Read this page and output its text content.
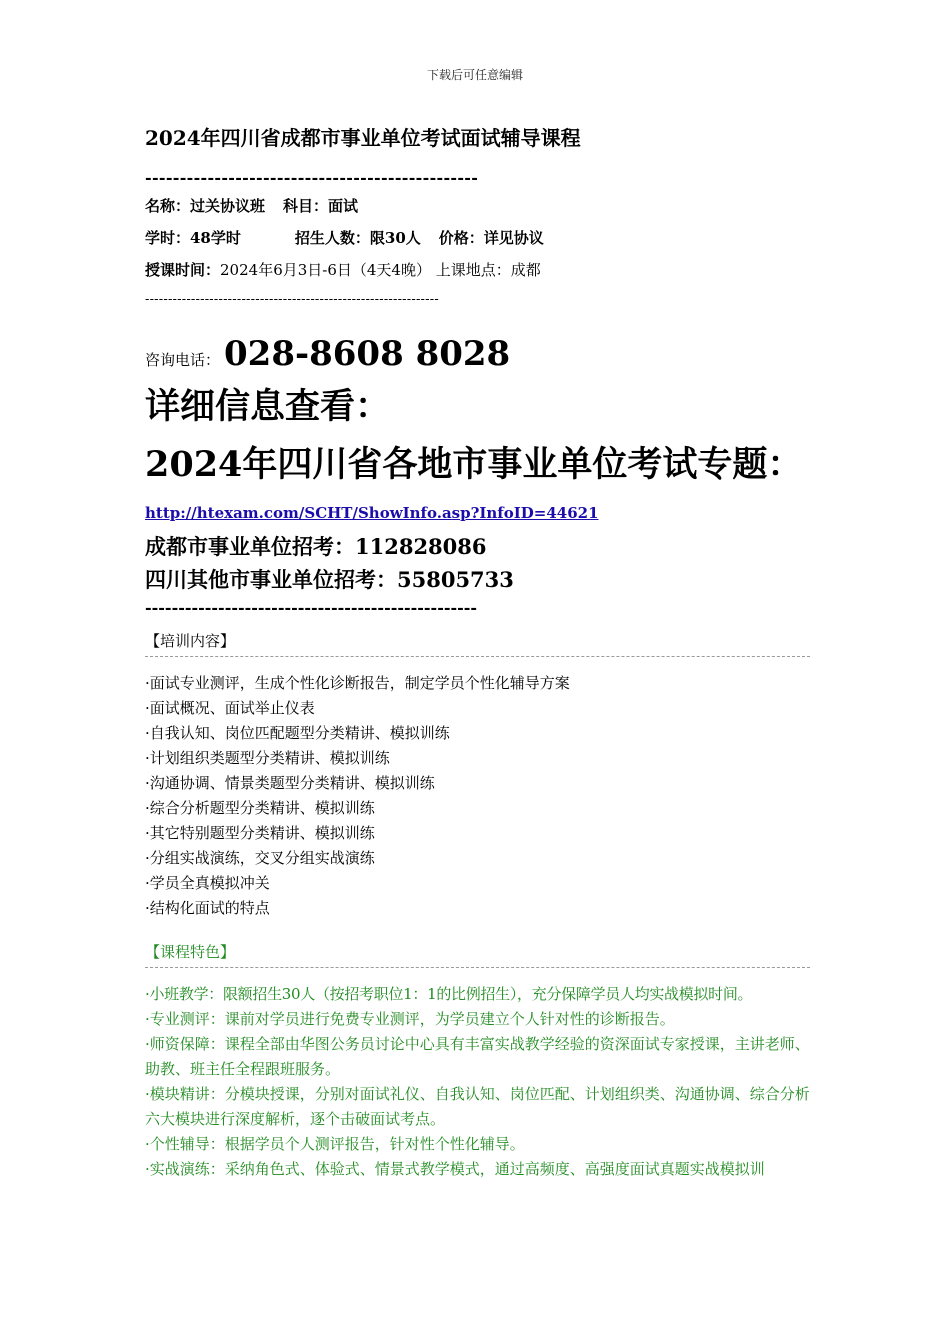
下载后可任意编辑
2024年四川省成都市事业单位考试面试辅导课程
------------------------------------------------
名称：过关协议班 科目：面试
学时：48学时	招生人数：限30人 价格：详见协议
授课时间：2024年6月3日-6日（4天4晚） 上课地点：成都
----------------------------------------------------------------
咨询电话： 028-8608 8028
详细信息查看：
2024年四川省各地市事业单位考试专题：
http://htexam.com/SCHT/ShowInfo.asp?InfoID=44621
成都市事业单位招考：112828086
四川其他市事业单位招考：55805733
--------------------------------------------------
【培训内容】
·面试专业测评，生成个性化诊断报告，制定学员个性化辅导方案
·面试概况、面试举止仪表
·自我认知、岗位匹配题型分类精讲、模拟训练
·计划组织类题型分类精讲、模拟训练
·沟通协调、情景类题型分类精讲、模拟训练
·综合分析题型分类精讲、模拟训练
·其它特别题型分类精讲、模拟训练
·分组实战演练，交叉分组实战演练
·学员全真模拟冲关
·结构化面试的特点
【课程特色】
·小班教学：限额招生30人（按招考职位1：1的比例招生），充分保障学员人均实战模拟时间。
·专业测评：课前对学员进行免费专业测评，为学员建立个人针对性的诊断报告。
·师资保障：课程全部由华图公务员讨论中心具有丰富实战教学经验的资深面试专家授课，主讲老师、助教、班主任全程跟班服务。
·模块精讲：分模块授课，分别对面试礼仪、自我认知、岗位匹配、计划组织类、沟通协调、综合分析六大模块进行深度解析，逐个击破面试考点。
·个性辅导：根据学员个人测评报告，针对性个性化辅导。
·实战演练：采纳角色式、体验式、情景式教学模式，通过高频度、高强度面试真题实战模拟训
